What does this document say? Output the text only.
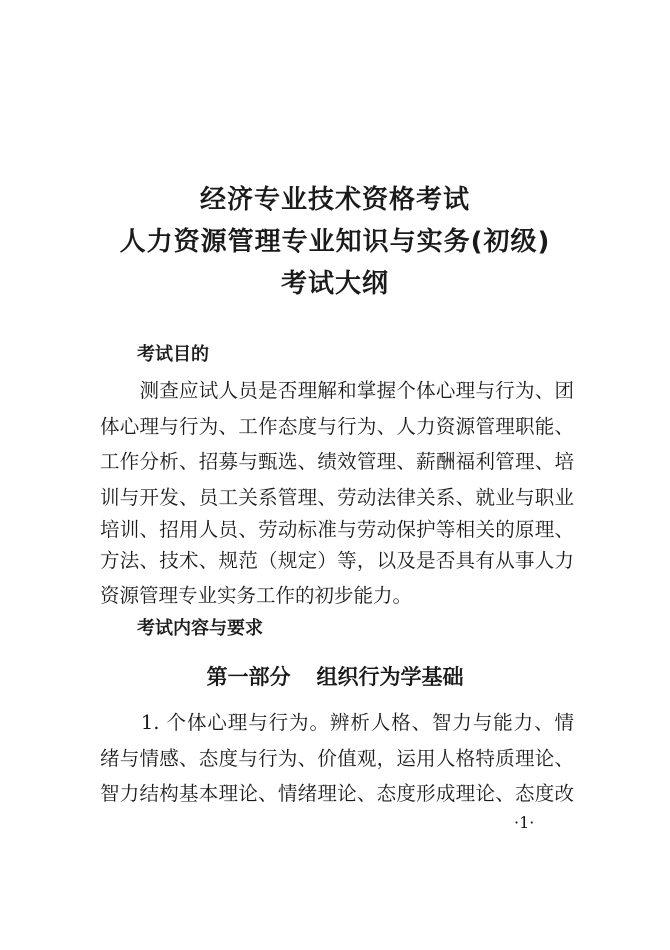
经济专业技术资格考试
人力资源管理专业知识与实务(初级)
考试大纲
考试目的
　　测查应试人员是否理解和掌握个体心理与行为、团
体心理与行为、工作态度与行为、人力资源管理职能、
工作分析、招募与甄选、绩效管理、薪酬福利管理、培
训与开发、员工关系管理、劳动法律关系、就业与职业
培训、招用人员、劳动标准与劳动保护等相关的原理、
方法、技术、规范（规定）等，以及是否具有从事人力
资源管理专业实务工作的初步能力。
考试内容与要求
第一部分 组织行为学基础
　　1. 个体心理与行为。辨析人格、智力与能力、情
绪与情感、态度与行为、价值观，运用人格特质理论、
智力结构基本理论、情绪理论、态度形成理论、态度改
·1·
